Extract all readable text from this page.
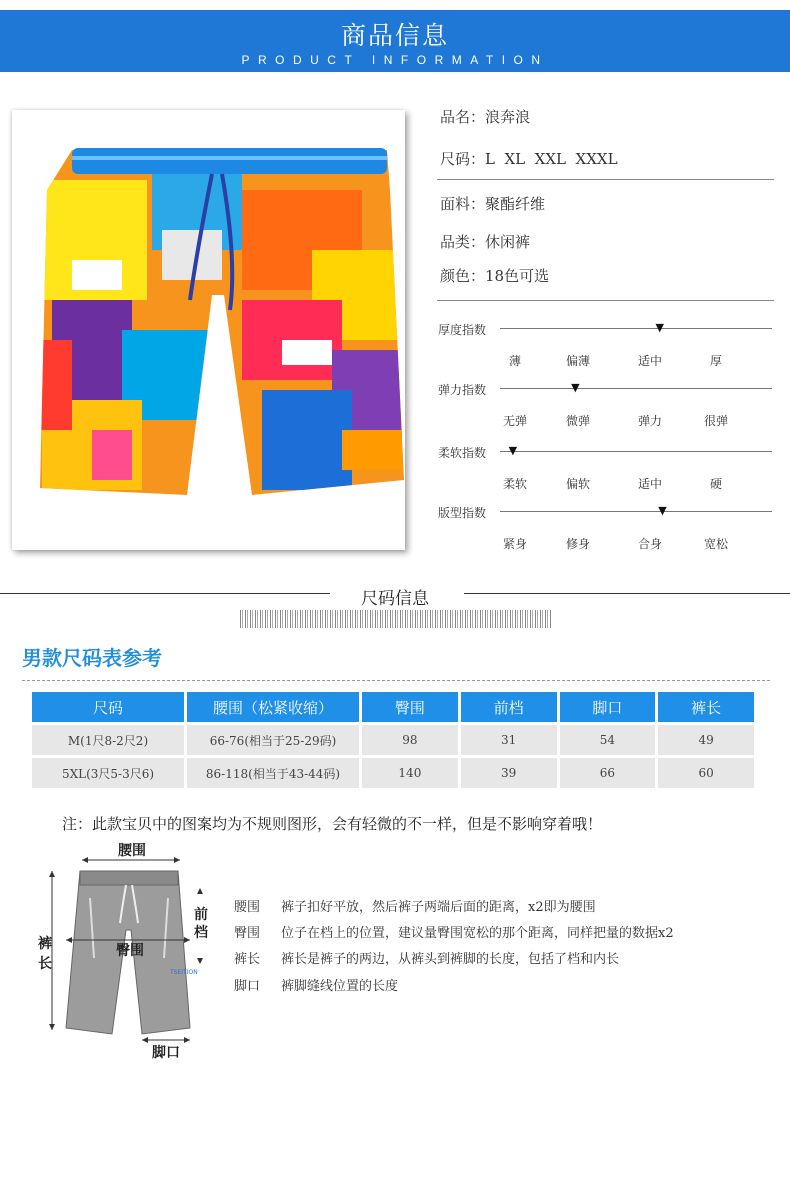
商品信息
PRODUCT INFORMATION
品名：浪奔浪
尺码：L  XL  XXL  XXXL
面料：聚酯纤维
品类：休闲裤
颜色：18色可选
厚度指数	▼
薄	偏薄	适中	厚
弹力指数	▼
无弹	微弹	弹力	很弹
柔软指数 ▼
柔软	偏软	适中	硬
版型指数	▼
紧身	修身	合身	宽松
尺码信息
男款尺码表参考
尺码	腰围（松紧收缩）	臀围	前档	脚口	裤长
M(1尺8-2尺2)	66-76(相当于25-29码)	98	31	54	49
5XL(3尺5-3尺6)	86-118(相当于43-44码)	140	39	66	60
注：此款宝贝中的图案均为不规则图形，会有轻微的不一样，但是不影响穿着哦！
TSEITION
腰围
臀围
裤长
脚口
前档
腰围 裤子扣好平放，然后裤子两端后面的距离，x2即为腰围
臀围 位子在档上的位置，建议量臀围宽松的那个距离，同样把量的数据x2
裤长 裤长是裤子的两边，从裤头到裤脚的长度，包括了档和内长
脚口 裤脚缝线位置的长度
